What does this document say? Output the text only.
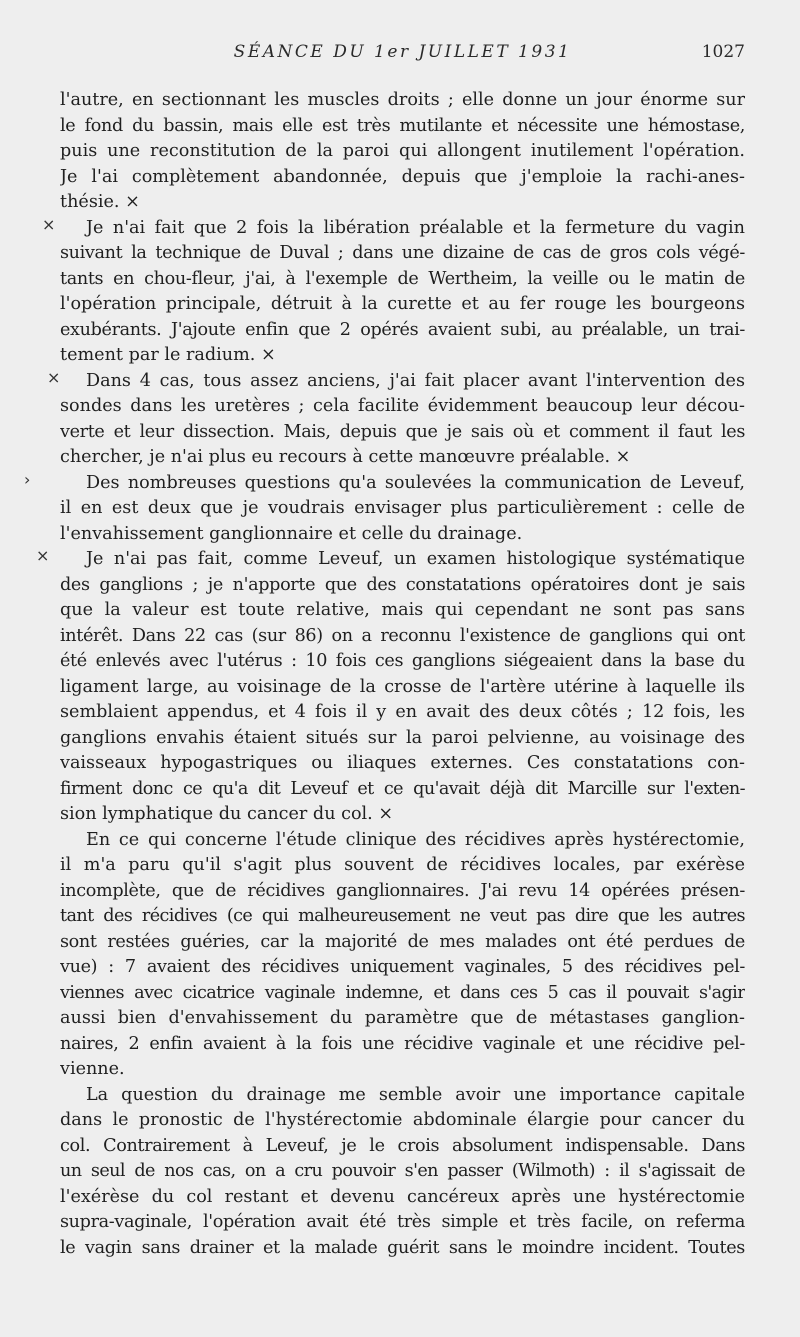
SÉANCE DU 1er JUILLET 1931	1027
×
×
›
×
l'autre, en sectionnant les muscles droits ; elle donne un jour énorme sur
le fond du bassin, mais elle est très mutilante et nécessite une hémostase,
puis une reconstitution de la paroi qui allongent inutilement l'opération.
Je l'ai complètement abandonnée, depuis que j'emploie la rachi-anes-
thésie. ×
Je n'ai fait que 2 fois la libération préalable et la fermeture du vagin
suivant la technique de Duval ; dans une dizaine de cas de gros cols végé-
tants en chou-fleur, j'ai, à l'exemple de Wertheim, la veille ou le matin de
l'opération principale, détruit à la curette et au fer rouge les bourgeons
exubérants. J'ajoute enfin que 2 opérés avaient subi, au préalable, un trai-
tement par le radium. ×
Dans 4 cas, tous assez anciens, j'ai fait placer avant l'intervention des
sondes dans les uretères ; cela facilite évidemment beaucoup leur décou-
verte et leur dissection. Mais, depuis que je sais où et comment il faut les
chercher, je n'ai plus eu recours à cette manœuvre préalable. ×
Des nombreuses questions qu'a soulevées la communication de Leveuf,
il en est deux que je voudrais envisager plus particulièrement : celle de
l'envahissement ganglionnaire et celle du drainage.
Je n'ai pas fait, comme Leveuf, un examen histologique systématique
des ganglions ; je n'apporte que des constatations opératoires dont je sais
que la valeur est toute relative, mais qui cependant ne sont pas sans
intérêt. Dans 22 cas (sur 86) on a reconnu l'existence de ganglions qui ont
été enlevés avec l'utérus : 10 fois ces ganglions siégeaient dans la base du
ligament large, au voisinage de la crosse de l'artère utérine à laquelle ils
semblaient appendus, et 4 fois il y en avait des deux côtés ; 12 fois, les
ganglions envahis étaient situés sur la paroi pelvienne, au voisinage des
vaisseaux hypogastriques ou iliaques externes. Ces constatations con-
firment donc ce qu'a dit Leveuf et ce qu'avait déjà dit Marcille sur l'exten-
sion lymphatique du cancer du col. ×
En ce qui concerne l'étude clinique des récidives après hystérectomie,
il m'a paru qu'il s'agit plus souvent de récidives locales, par exérèse
incomplète, que de récidives ganglionnaires. J'ai revu 14 opérées présen-
tant des récidives (ce qui malheureusement ne veut pas dire que les autres
sont restées guéries, car la majorité de mes malades ont été perdues de
vue) : 7 avaient des récidives uniquement vaginales, 5 des récidives pel-
viennes avec cicatrice vaginale indemne, et dans ces 5 cas il pouvait s'agir
aussi bien d'envahissement du paramètre que de métastases ganglion-
naires, 2 enfin avaient à la fois une récidive vaginale et une récidive pel-
vienne.
La question du drainage me semble avoir une importance capitale
dans le pronostic de l'hystérectomie abdominale élargie pour cancer du
col. Contrairement à Leveuf, je le crois absolument indispensable. Dans
un seul de nos cas, on a cru pouvoir s'en passer (Wilmoth) : il s'agissait de
l'exérèse du col restant et devenu cancéreux après une hystérectomie
supra-vaginale, l'opération avait été très simple et très facile, on referma
le vagin sans drainer et la malade guérit sans le moindre incident. Toutes
